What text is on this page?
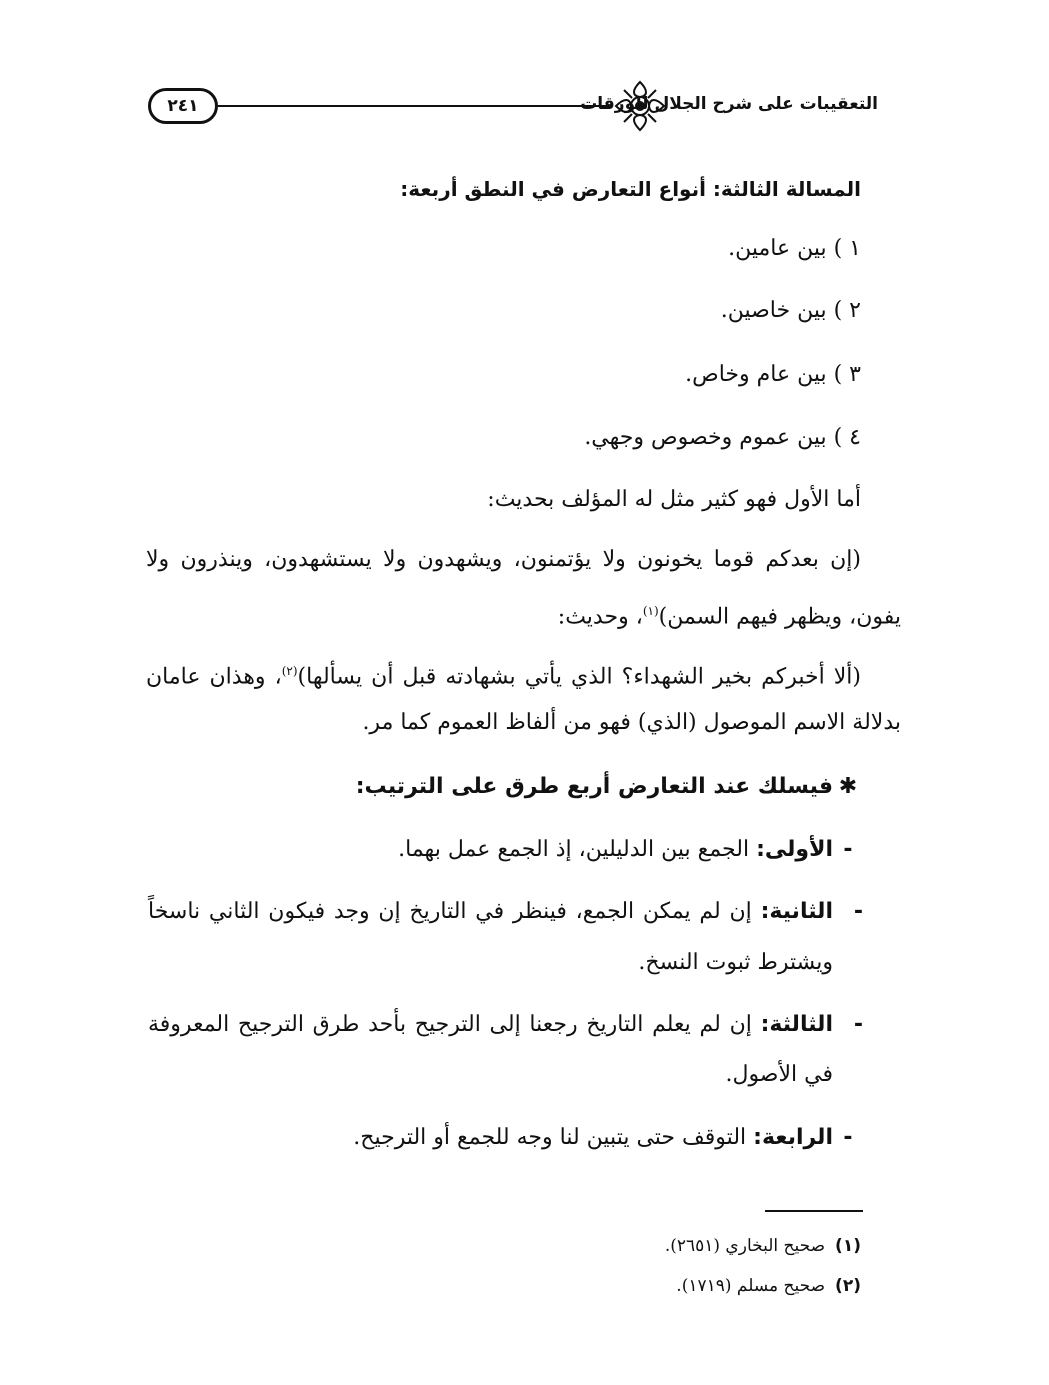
٢٤١	التعقيبات على شرح الجلال للورقات
المسالة الثالثة: أنواع التعارض في النطق أربعة:
١ ) بين عامين.
٢ ) بين خاصين.
٣ ) بين عام وخاص.
٤ ) بين عموم وخصوص وجهي.
أما الأول فهو كثير مثل له المؤلف بحديث:
(إن بعدكم قوما يخونون ولا يؤتمنون، ويشهدون ولا يستشهدون، وينذرون ولا
يفون، ويظهر فيهم السمن)$^{(١)}$، وحديث:
(ألا أخبركم بخير الشهداء؟ الذي يأتي بشهادته قبل أن يسألها)$^{(٢)}$، وهذان عامان
بدلالة الاسم الموصول (الذي) فهو من ألفاظ العموم كما مر.
✱فيسلك عند التعارض أربع طرق على الترتيب:
-الأولى: الجمع بين الدليلين، إذ الجمع عمل بهما.
-الثانية: إن لم يمكن الجمع، فينظر في التاريخ إن وجد فيكون الثاني ناسخاً
ويشترط ثبوت النسخ.
-الثالثة: إن لم يعلم التاريخ رجعنا إلى الترجيح بأحد طرق الترجيح المعروفة
في الأصول.
-الرابعة: التوقف حتى يتبين لنا وجه للجمع أو الترجيح.
(١)صحيح البخاري (٢٦٥١).
(٢)صحيح مسلم (١٧١٩).
